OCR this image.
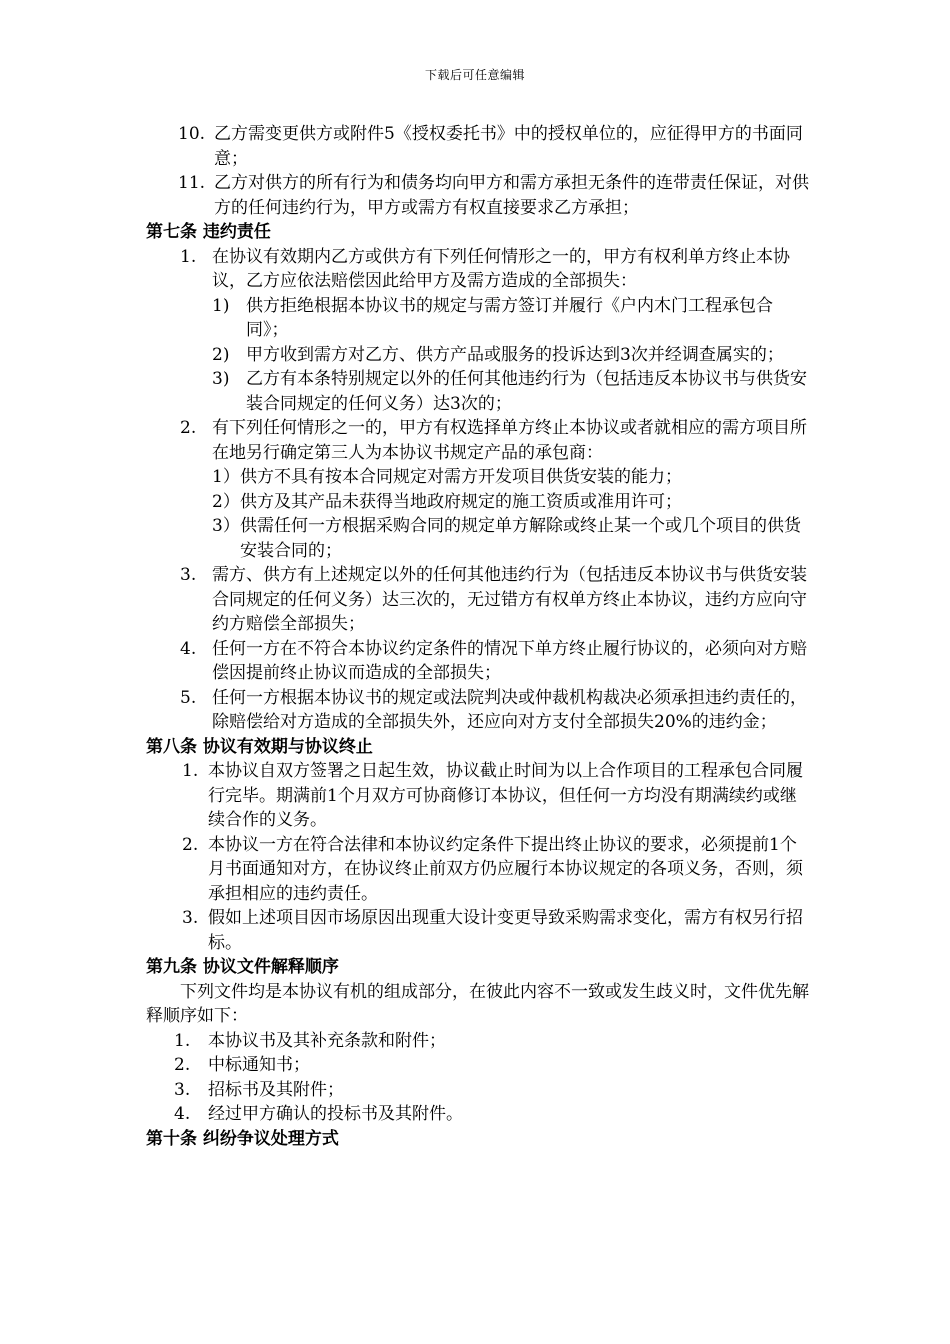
下载后可任意编辑
10. 乙方需变更供方或附件5《授权委托书》中的授权单位的，应征得甲方的书面同意；
11. 乙方对供方的所有行为和债务均向甲方和需方承担无条件的连带责任保证，对供方的任何违约行为，甲方或需方有权直接要求乙方承担；
第七条 违约责任
1. 在协议有效期内乙方或供方有下列任何情形之一的，甲方有权利单方终止本协议，乙方应依法赔偿因此给甲方及需方造成的全部损失：
1) 供方拒绝根据本协议书的规定与需方签订并履行《户内木门工程承包合同》；
2) 甲方收到需方对乙方、供方产品或服务的投诉达到3次并经调查属实的；
3) 乙方有本条特别规定以外的任何其他违约行为（包括违反本协议书与供货安装合同规定的任何义务）达3次的；
2. 有下列任何情形之一的，甲方有权选择单方终止本协议或者就相应的需方项目所在地另行确定第三人为本协议书规定产品的承包商：
1） 供方不具有按本合同规定对需方开发项目供货安装的能力；
2） 供方及其产品未获得当地政府规定的施工资质或准用许可；
3） 供需任何一方根据采购合同的规定单方解除或终止某一个或几个项目的供货安装合同的；
3. 需方、供方有上述规定以外的任何其他违约行为（包括违反本协议书与供货安装合同规定的任何义务）达三次的，无过错方有权单方终止本协议，违约方应向守约方赔偿全部损失；
4. 任何一方在不符合本协议约定条件的情况下单方终止履行协议的，必须向对方赔偿因提前终止协议而造成的全部损失；
5. 任何一方根据本协议书的规定或法院判决或仲裁机构裁决必须承担违约责任的，除赔偿给对方造成的全部损失外，还应向对方支付全部损失20%的违约金；
第八条 协议有效期与协议终止
1. 本协议自双方签署之日起生效，协议截止时间为以上合作项目的工程承包合同履行完毕。期满前1个月双方可协商修订本协议，但任何一方均没有期满续约或继续合作的义务。
2. 本协议一方在符合法律和本协议约定条件下提出终止协议的要求，必须提前1个月书面通知对方，在协议终止前双方仍应履行本协议规定的各项义务，否则，须承担相应的违约责任。
3. 假如上述项目因市场原因出现重大设计变更导致采购需求变化，需方有权另行招标。
第九条 协议文件解释顺序
下列文件均是本协议有机的组成部分，在彼此内容不一致或发生歧义时，文件优先解释顺序如下：
1.	本协议书及其补充条款和附件；
2.	中标通知书；
3.	招标书及其附件；
4.	经过甲方确认的投标书及其附件。
第十条 纠纷争议处理方式
